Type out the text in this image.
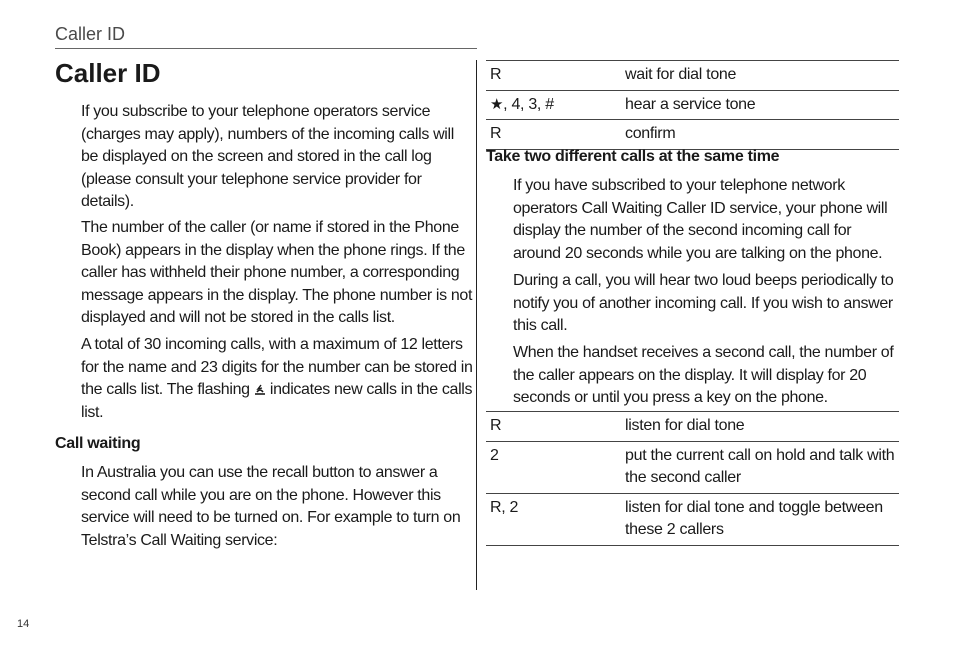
Caller ID
Caller ID

If you subscribe to your telephone operators service (charges may apply), numbers of the incoming calls will be displayed on the screen and stored in the call log (please consult your telephone service provider for details).

The number of the caller (or name if stored in the Phone Book) appears in the display when the phone rings. If the caller has withheld their phone number, a corresponding message appears in the display. The phone number is not displayed and will not be stored in the calls list.

A total of 30 incoming calls, with a maximum of 12 letters for the name and 23 digits for the number can be stored in the calls list. The flashing indicates new calls in the calls list.

Call waiting

In Australia you can use the recall button to answer a second call while you are on the phone. However this service will need to be turned on. For example to turn on Telstra’s Call Waiting service:

R	wait for dial tone
★, 4, 3, #	hear a service tone
R	confirm
Take two different calls at the same time

If you have subscribed to your telephone network operators Call Waiting Caller ID service, your phone will display the number of the second incoming call for around 20 seconds while you are talking on the phone.

During a call, you will hear two loud beeps periodically to notify you of another incoming call. If you wish to answer this call.

When the handset receives a second call, the number of the caller appears on the display. It will display for 20 seconds or until you press a key on the phone.

R	listen for dial tone
2	put the current call on hold and talk with the second caller
R, 2	listen for dial tone and toggle between these 2 callers
14
